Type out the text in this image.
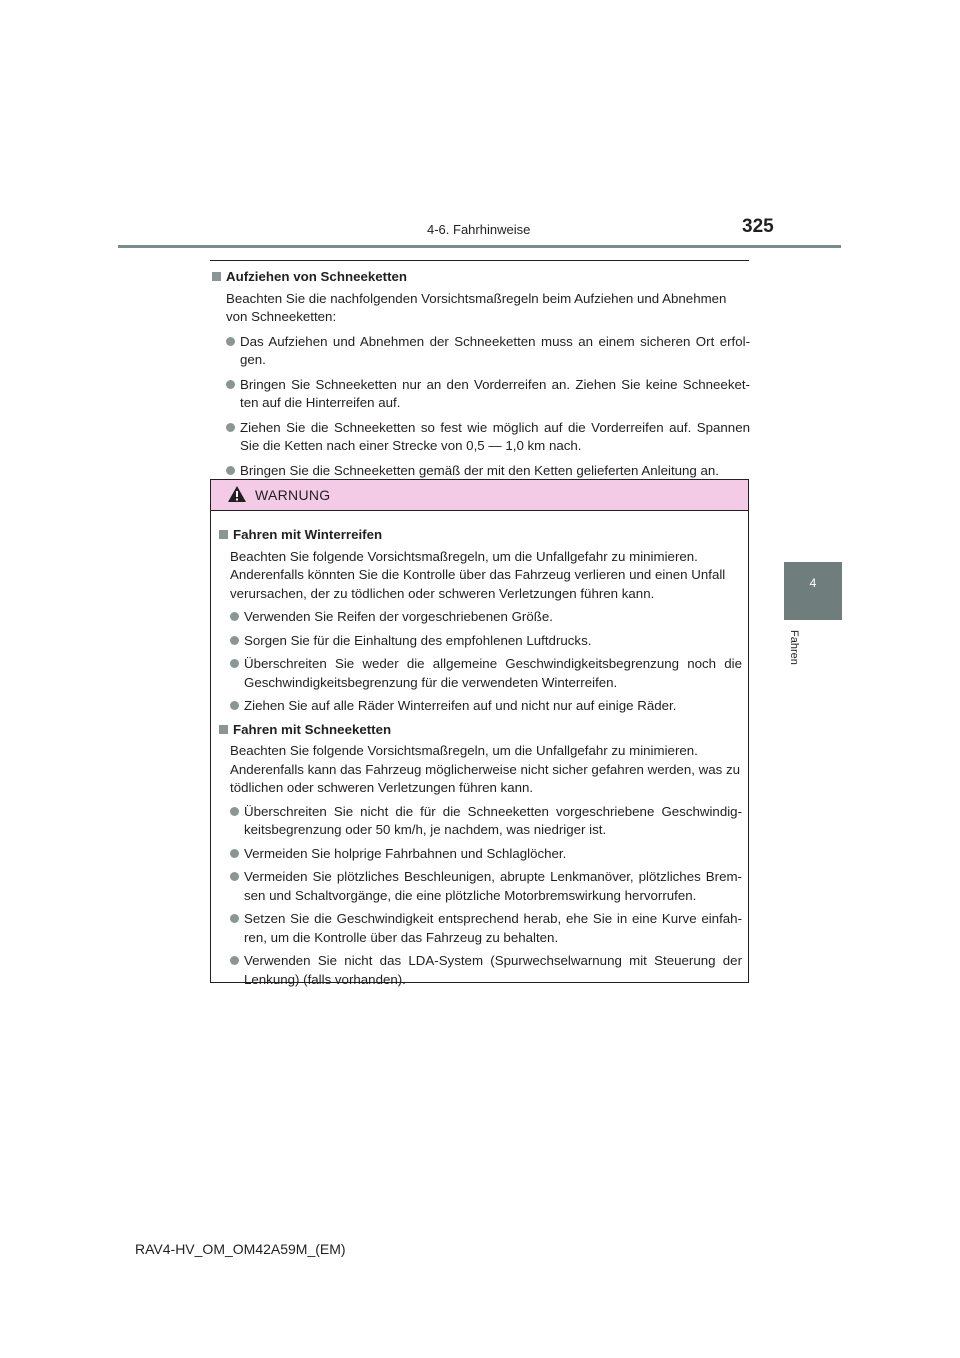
4-6. Fahrhinweise	325
4
Fahren
Aufziehen von Schneeketten
Beachten Sie die nachfolgenden Vorsichtsmaßregeln beim Aufziehen und Abnehmen von Schneeketten:
Das Aufziehen und Abnehmen der Schneeketten muss an einem sicheren Ort erfol-gen.
Bringen Sie Schneeketten nur an den Vorderreifen an. Ziehen Sie keine Schneeket-ten auf die Hinterreifen auf.
Ziehen Sie die Schneeketten so fest wie möglich auf die Vorderreifen auf. Spannen Sie die Ketten nach einer Strecke von 0,5 — 1,0 km nach.
Bringen Sie die Schneeketten gemäß der mit den Ketten gelieferten Anleitung an.
WARNUNG
Fahren mit Winterreifen
Beachten Sie folgende Vorsichtsmaßregeln, um die Unfallgefahr zu minimieren. Anderenfalls könnten Sie die Kontrolle über das Fahrzeug verlieren und einen Unfall verursachen, der zu tödlichen oder schweren Verletzungen führen kann.
Verwenden Sie Reifen der vorgeschriebenen Größe.
Sorgen Sie für die Einhaltung des empfohlenen Luftdrucks.
Überschreiten Sie weder die allgemeine Geschwindigkeitsbegrenzung noch die Geschwindigkeitsbegrenzung für die verwendeten Winterreifen.
Ziehen Sie auf alle Räder Winterreifen auf und nicht nur auf einige Räder.
Fahren mit Schneeketten
Beachten Sie folgende Vorsichtsmaßregeln, um die Unfallgefahr zu minimieren. Anderenfalls kann das Fahrzeug möglicherweise nicht sicher gefahren werden, was zu tödlichen oder schweren Verletzungen führen kann.
Überschreiten Sie nicht die für die Schneeketten vorgeschriebene Geschwindig-keitsbegrenzung oder 50 km/h, je nachdem, was niedriger ist.
Vermeiden Sie holprige Fahrbahnen und Schlaglöcher.
Vermeiden Sie plötzliches Beschleunigen, abrupte Lenkmanöver, plötzliches Brem-sen und Schaltvorgänge, die eine plötzliche Motorbremswirkung hervorrufen.
Setzen Sie die Geschwindigkeit entsprechend herab, ehe Sie in eine Kurve einfah-ren, um die Kontrolle über das Fahrzeug zu behalten.
Verwenden Sie nicht das LDA-System (Spurwechselwarnung mit Steuerung der Lenkung) (falls vorhanden).
RAV4-HV_OM_OM42A59M_(EM)
